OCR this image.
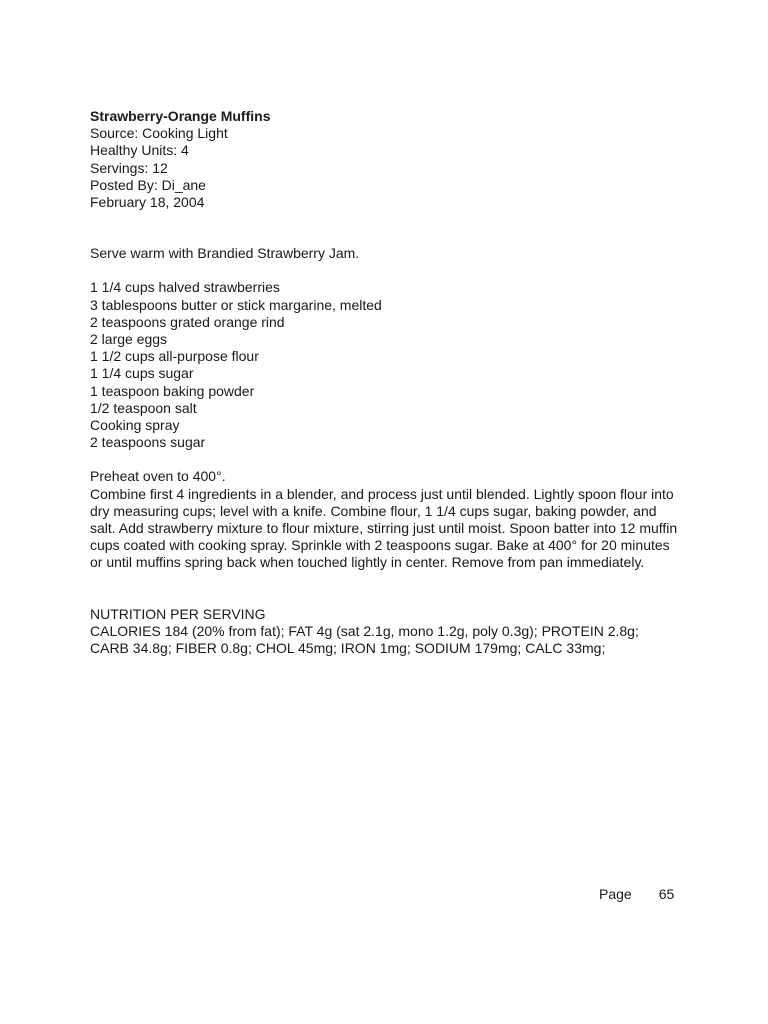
Strawberry-Orange Muffins
Source: Cooking Light
Healthy Units: 4
Servings: 12
Posted By: Di_ane
February 18, 2004
Serve warm with Brandied Strawberry Jam.
1 1/4 cups halved strawberries
3 tablespoons butter or stick margarine, melted
2 teaspoons grated orange rind
2 large eggs
1 1/2 cups all-purpose flour
1 1/4 cups sugar
1 teaspoon baking powder
1/2 teaspoon salt
Cooking spray
2 teaspoons sugar
Preheat oven to 400°.
Combine first 4 ingredients in a blender, and process just until blended. Lightly spoon flour into dry measuring cups; level with a knife. Combine flour, 1 1/4 cups sugar, baking powder, and salt. Add strawberry mixture to flour mixture, stirring just until moist. Spoon batter into 12 muffin cups coated with cooking spray. Sprinkle with 2 teaspoons sugar. Bake at 400° for 20 minutes or until muffins spring back when touched lightly in center. Remove from pan immediately.
NUTRITION PER SERVING
CALORIES 184 (20% from fat); FAT 4g (sat 2.1g, mono 1.2g, poly 0.3g); PROTEIN 2.8g; CARB 34.8g; FIBER 0.8g; CHOL 45mg; IRON 1mg; SODIUM 179mg; CALC 33mg;
Page 65
